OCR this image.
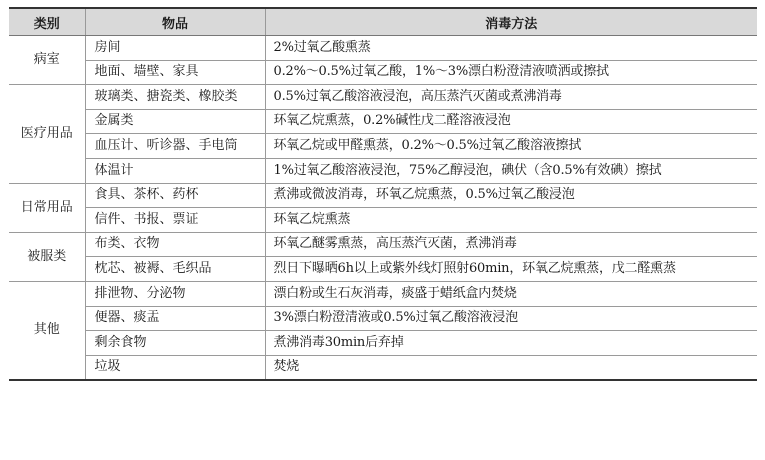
类别	物品	消毒方法
病室	房间	2%过氧乙酸熏蒸
	地面、墙壁、家具	0.2%～0.5%过氧乙酸，1%～3%漂白粉澄清液喷洒或擦拭
医疗用品	玻璃类、搪瓷类、橡胶类	0.5%过氧乙酸溶液浸泡，高压蒸汽灭菌或煮沸消毒
	金属类	环氧乙烷熏蒸，0.2%碱性戊二醛溶液浸泡
	血压计、听诊器、手电筒	环氧乙烷或甲醛熏蒸，0.2%～0.5%过氧乙酸溶液擦拭
	体温计	1%过氧乙酸溶液浸泡，75%乙醇浸泡，碘伏（含0.5%有效碘）擦拭
日常用品	食具、茶杯、药杯	煮沸或微波消毒，环氧乙烷熏蒸，0.5%过氧乙酸浸泡
	信件、书报、票证	环氧乙烷熏蒸
被服类	布类、衣物	环氧乙醚雾熏蒸，高压蒸汽灭菌，煮沸消毒
	枕芯、被褥、毛织品	烈日下曝晒6h以上或紫外线灯照射60min，环氧乙烷熏蒸，戊二醛熏蒸
其他	排泄物、分泌物	漂白粉或生石灰消毒，痰盛于蜡纸盒内焚烧
	便器、痰盂	3%漂白粉澄清液或0.5%过氧乙酸溶液浸泡
	剩余食物	煮沸消毒30min后弃掉
	垃圾	焚烧
